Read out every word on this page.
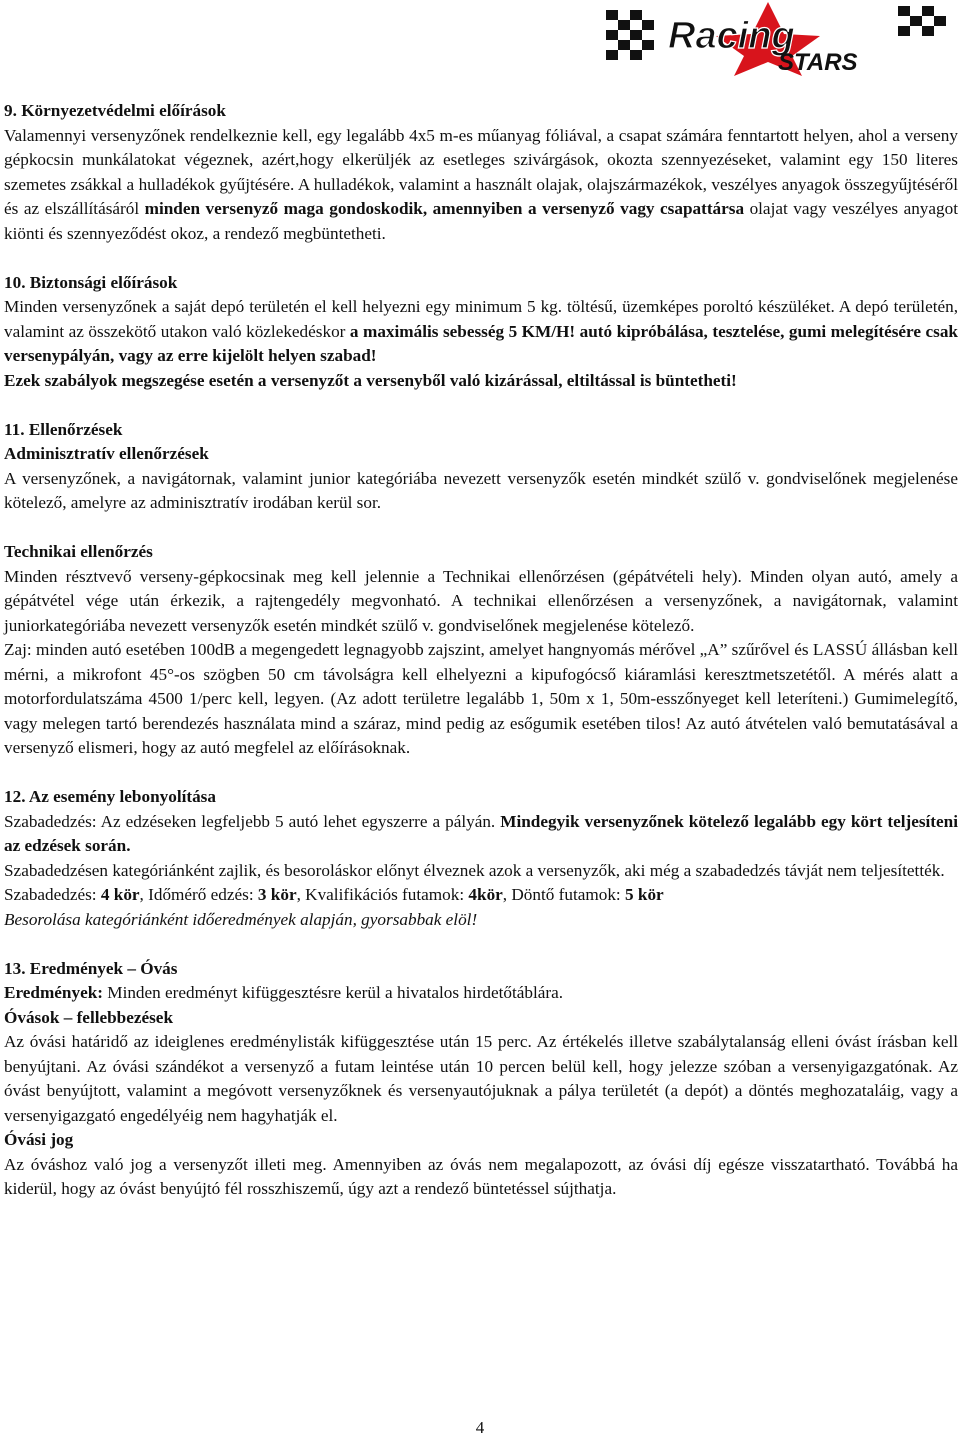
Racing
STARS

9. Környezetvédelmi előírások

Valamennyi versenyzőnek rendelkeznie kell, egy legalább 4x5 m-es műanyag fóliával, a csapat számára fenntartott helyen, ahol a verseny gépkocsin munkálatokat végeznek, azért,hogy elkerüljék az esetleges szivárgások, okozta szennyezéseket, valamint egy 150 literes szemetes zsákkal a hulladékok gyűjtésére. A hulladékok, valamint a használt olajak, olajszármazékok, veszélyes anyagok összegyűjtéséről és az elszállításáról minden versenyző maga gondoskodik, amennyiben a versenyző vagy csapattársa olajat vagy veszélyes anyagot kiönti és szennyeződést okoz, a rendező megbüntetheti.

10. Biztonsági előírások

Minden versenyzőnek a saját depó területén el kell helyezni egy minimum 5 kg. töltésű, üzemképes poroltó készüléket. A depó területén, valamint az összekötő utakon való közlekedéskor a maximális sebesség 5 KM/H! autó kipróbálása, tesztelése, gumi melegítésére csak versenypályán, vagy az erre kijelölt helyen szabad!

Ezek szabályok megszegése esetén a versenyzőt a versenyből való kizárással, eltiltással is büntetheti!

11. Ellenőrzések

Adminisztratív ellenőrzések

A versenyzőnek, a navigátornak, valamint junior kategóriába nevezett versenyzők esetén mindkét szülő v. gondviselőnek megjelenése kötelező, amelyre az adminisztratív irodában kerül sor.

Technikai ellenőrzés

Minden résztvevő verseny-gépkocsinak meg kell jelennie a Technikai ellenőrzésen (gépátvételi hely). Minden olyan autó, amely a gépátvétel vége után érkezik, a rajtengedély megvonható. A technikai ellenőrzésen a versenyzőnek, a navigátornak, valamint juniorkategóriába nevezett versenyzők esetén mindkét szülő v. gondviselőnek megjelenése kötelező.

Zaj: minden autó esetében 100dB a megengedett legnagyobb zajszint, amelyet hangnyomás mérővel „A” szűrővel és LASSÚ állásban kell mérni, a mikrofont 45°-os szögben 50 cm távolságra kell elhelyezni a kipufogócső kiáramlási keresztmetszetétől. A mérés alatt a motorfordulatszáma 4500 1/perc kell, legyen. (Az adott területre legalább 1, 50m x 1, 50m-esszőnyeget kell leteríteni.) Gumimelegítő, vagy melegen tartó berendezés használata mind a száraz, mind pedig az esőgumik esetében tilos! Az autó átvételen való bemutatásával a versenyző elismeri, hogy az autó megfelel az előírásoknak.

12. Az esemény lebonyolítása

Szabadedzés: Az edzéseken legfeljebb 5 autó lehet egyszerre a pályán. Mindegyik versenyzőnek kötelező legalább egy kört teljesíteni az edzések során.

Szabadedzésen kategóriánként zajlik, és besoroláskor előnyt élveznek azok a versenyzők, aki még a szabadedzés távját nem teljesítették.

Szabadedzés: 4 kör, Időmérő edzés: 3 kör, Kvalifikációs futamok: 4kör, Döntő futamok: 5 kör

Besorolása kategóriánként időeredmények alapján, gyorsabbak elöl!

13. Eredmények – Óvás

Eredmények: Minden eredményt kifüggesztésre kerül a hivatalos hirdetőtáblára.

Óvások – fellebbezések

Az óvási határidő az ideiglenes eredménylisták kifüggesztése után 15 perc. Az értékelés illetve szabálytalanság elleni óvást írásban kell benyújtani. Az óvási szándékot a versenyző a futam leintése után 10 percen belül kell, hogy jelezze szóban a versenyigazgatónak. Az óvást benyújtott, valamint a megóvott versenyzőknek és versenyautójuknak a pálya területét (a depót) a döntés meghozataláig, vagy a versenyigazgató engedélyéig nem hagyhatják el.

Óvási jog

Az óváshoz való jog a versenyzőt illeti meg. Amennyiben az óvás nem megalapozott, az óvási díj egésze visszatartható. Továbbá ha kiderül, hogy az óvást benyújtó fél rosszhiszemű, úgy azt a rendező büntetéssel sújthatja.

4
